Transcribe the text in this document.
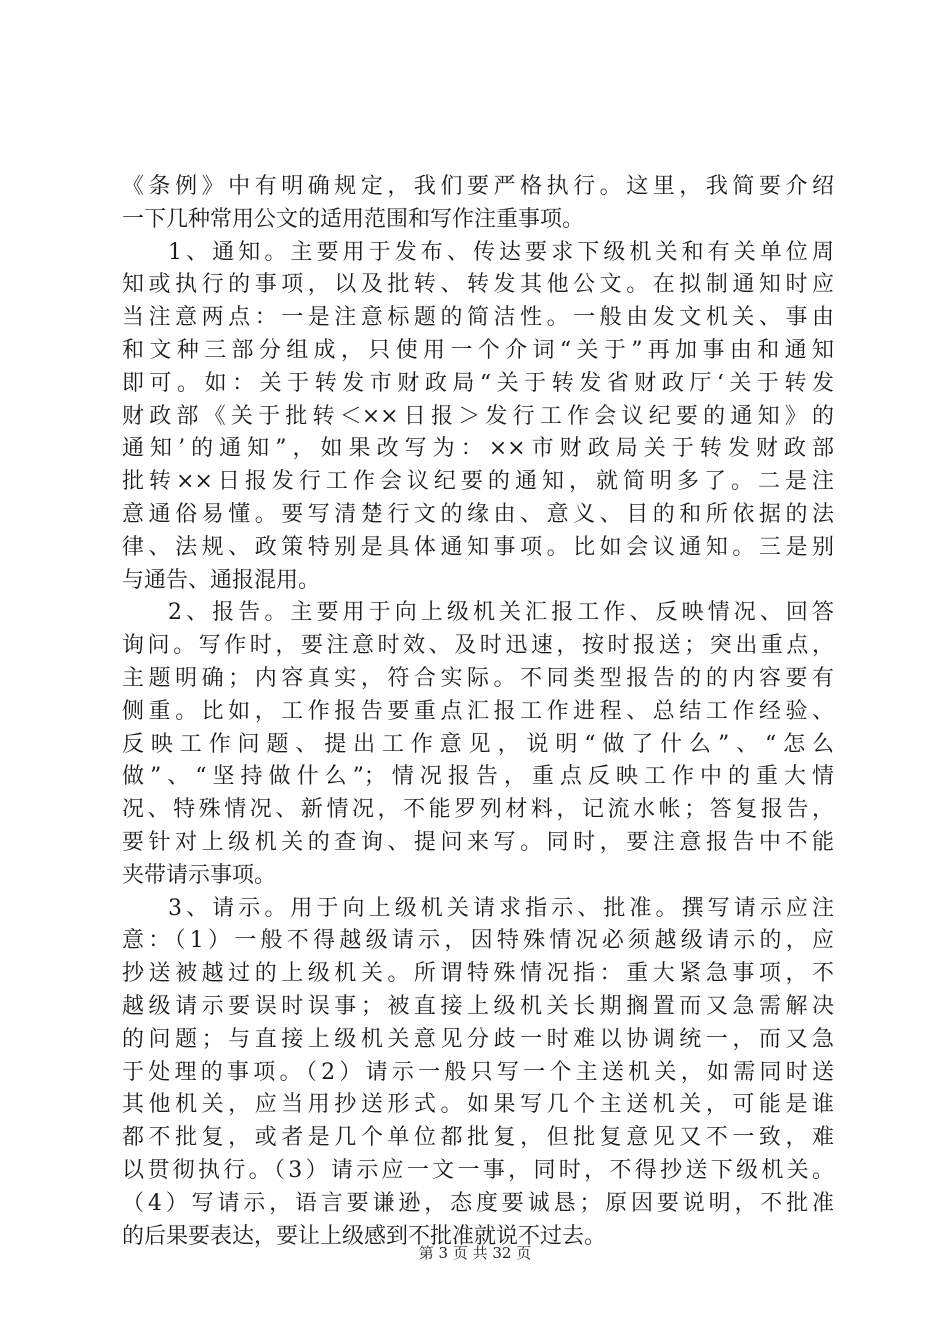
《条例》中有明确规定，我们要严格执行。这里，我简要介绍
一下几种常用公文的适用范围和写作注重事项。
1、通知。主要用于发布、传达要求下级机关和有关单位周
知或执行的事项，以及批转、转发其他公文。在拟制通知时应
当注意两点：一是注意标题的简洁性。一般由发文机关、事由
和文种三部分组成，只使用一个介词“关于”再加事由和通知
即可。如：关于转发市财政局“关于转发省财政厅‘关于转发
财政部《关于批转＜××日报＞发行工作会议纪要的通知》的
通知’的通知”，如果改写为：××市财政局关于转发财政部
批转××日报发行工作会议纪要的通知，就简明多了。二是注
意通俗易懂。要写清楚行文的缘由、意义、目的和所依据的法
律、法规、政策特别是具体通知事项。比如会议通知。三是别
与通告、通报混用。
2、报告。主要用于向上级机关汇报工作、反映情况、回答
询问。写作时，要注意时效、及时迅速，按时报送；突出重点，
主题明确；内容真实，符合实际。不同类型报告的的内容要有
侧重。比如，工作报告要重点汇报工作进程、总结工作经验、
反映工作问题、提出工作意见，说明“做了什么”、“怎么
做”、“坚持做什么”；情况报告，重点反映工作中的重大情
况、特殊情况、新情况，不能罗列材料，记流水帐；答复报告，
要针对上级机关的查询、提问来写。同时，要注意报告中不能
夹带请示事项。
3、请示。用于向上级机关请求指示、批准。撰写请示应注
意：（1）一般不得越级请示，因特殊情况必须越级请示的，应
抄送被越过的上级机关。所谓特殊情况指：重大紧急事项，不
越级请示要误时误事；被直接上级机关长期搁置而又急需解决
的问题；与直接上级机关意见分歧一时难以协调统一，而又急
于处理的事项。（2）请示一般只写一个主送机关，如需同时送
其他机关，应当用抄送形式。如果写几个主送机关，可能是谁
都不批复，或者是几个单位都批复，但批复意见又不一致，难
以贯彻执行。（3）请示应一文一事，同时，不得抄送下级机关。
（4）写请示，语言要谦逊，态度要诚恳；原因要说明，不批准
的后果要表达，要让上级感到不批准就说不过去。
第 3 页 共 32 页
